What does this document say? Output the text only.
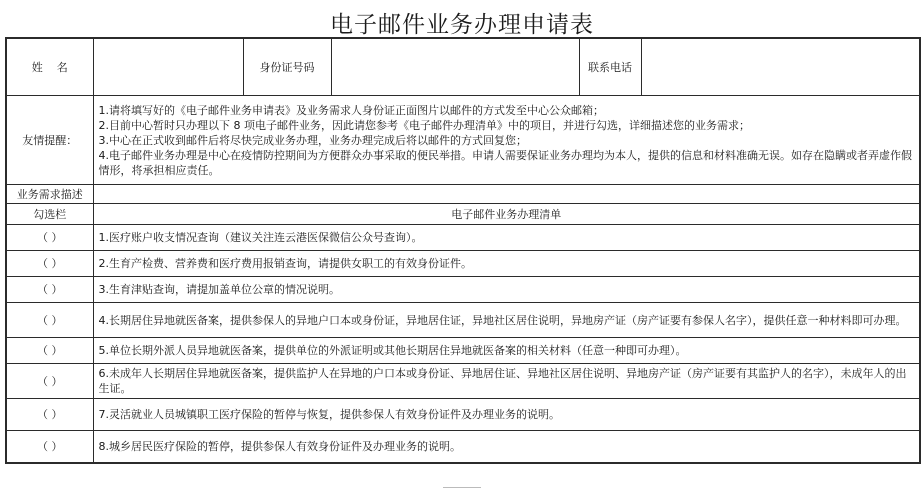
电子邮件业务办理申请表
姓    名		身份证号码		联系电话	
友情提醒：	1.请将填写好的《电子邮件业务申请表》及业务需求人身份证正面图片以邮件的方式发至中心公众邮箱；
2.目前中心暂时只办理以下 8 项电子邮件业务，因此请您参考《电子邮件办理清单》中的项目，并进行勾选，详细描述您的业务需求；
3.中心在正式收到邮件后将尽快完成业务办理，业务办理完成后将以邮件的方式回复您；
4.电子邮件业务办理是中心在疫情防控期间为方便群众办事采取的便民举措。申请人需要保证业务办理均为本人，提供的信息和材料准确无误。如存在隐瞒或者弄虚作假情形，将承担相应责任。				

业务需求描述					
勾选栏	电子邮件业务办理清单				
（ ）	1.医疗账户收支情况查询（建议关注连云港医保微信公众号查询）。				
（ ）	2.生育产检费、营养费和医疗费用报销查询，请提供女职工的有效身份证件。				
（ ）	3.生育津贴查询，请提加盖单位公章的情况说明。				
（ ）	4.长期居住异地就医备案，提供参保人的异地户口本或身份证，异地居住证，异地社区居住说明，异地房产证（房产证要有参保人名字），提供任意一种材料即可办理。				
（ ）	5.单位长期外派人员异地就医备案，提供单位的外派证明或其他长期居住异地就医备案的相关材料（任意一种即可办理）。				
（ ）	6.未成年人长期居住异地就医备案，提供监护人在异地的户口本或身份证、异地居住证、异地社区居住说明、异地房产证（房产证要有其监护人的名字），未成年人的出生证。				
（ ）	7.灵活就业人员城镇职工医疗保险的暂停与恢复，提供参保人有效身份证件及办理业务的说明。				
（ ）	8.城乡居民医疗保险的暂停，提供参保人有效身份证件及办理业务的说明。				
